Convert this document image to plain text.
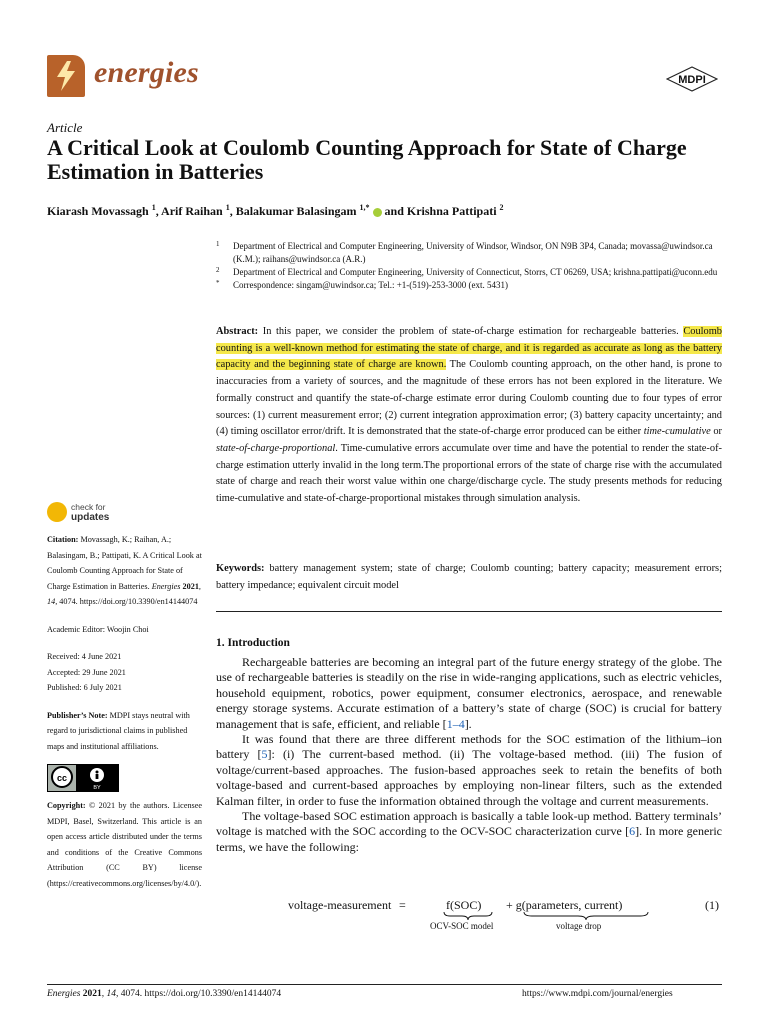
energies	MDPI
Article
A Critical Look at Coulomb Counting Approach for State of Charge Estimation in Batteries
Kiarash Movassagh $^1$, Arif Raihan $^1$, Balakumar Balasingam $^{1,*}$  and Krishna Pattipati $^2$
1 Department of Electrical and Computer Engineering, University of Windsor, Windsor, ON N9B 3P4, Canada; movassa@uwindsor.ca (K.M.); raihans@uwindsor.ca (A.R.)
2 Department of Electrical and Computer Engineering, University of Connecticut, Storrs, CT 06269, USA; krishna.pattipati@uconn.edu
* Correspondence: singam@uwindsor.ca; Tel.: +1-(519)-253-3000 (ext. 5431)
Abstract: In this paper, we consider the problem of state-of-charge estimation for rechargeable batteries. Coulomb counting is a well-known method for estimating the state of charge, and it is regarded as accurate as long as the battery capacity and the beginning state of charge are known. The Coulomb counting approach, on the other hand, is prone to inaccuracies from a variety of sources, and the magnitude of these errors has not been explored in the literature. We formally construct and quantify the state-of-charge estimate error during Coulomb counting due to four types of error sources: (1) current measurement error; (2) current integration approximation error; (3) battery capacity uncertainty; and (4) timing oscillator error/drift. It is demonstrated that the state-of-charge error produced can be either time-cumulative or state-of-charge-proportional. Time-cumulative errors accumulate over time and have the potential to render the state-of-charge estimation utterly invalid in the long term.The proportional errors of the state of charge rise with the accumulated state of charge and reach their worst value within one charge/discharge cycle. The study presents methods for reducing time-cumulative and state-of-charge-proportional mistakes through simulation analysis.
Keywords: battery management system; state of charge; Coulomb counting; battery capacity; measurement errors; battery impedance; equivalent circuit model
1. Introduction

Rechargeable batteries are becoming an integral part of the future energy strategy of the globe. The use of rechargeable batteries is steadily on the rise in wide-ranging applications, such as electric vehicles, household equipment, robotics, power equipment, consumer electronics, aerospace, and renewable energy storage systems. Accurate estimation of a battery’s state of charge (SOC) is crucial for battery management that is safe, efficient, and reliable [1–4].

It was found that there are three different methods for the SOC estimation of the lithium–ion battery [5]: (i) The current-based method. (ii) The voltage-based method. (iii) The fusion of voltage/current-based approaches. The fusion-based approaches seek to retain the benefits of both voltage-based and current-based approaches by employing non-linear filters, such as the extended Kalman filter, in order to fuse the information obtained through the voltage and current measurements.

The voltage-based SOC estimation approach is basically a table look-up method. Battery terminals’ voltage is matched with the SOC according to the OCV-SOC characterization curve [6]. In more generic terms, we have the following:

voltage-measurement =	f(SOC) + g(parameters, current)	(1)
OCV-SOC model	voltage drop
check for
updates

Citation: Movassagh, K.; Raihan, A.; Balasingam, B.; Pattipati, K. A Critical Look at Coulomb Counting Approach for State of Charge Estimation in Batteries. Energies 2021, 14, 4074. https://doi.org/10.3390/en14144074

Academic Editor: Woojin Choi

Received: 4 June 2021
Accepted: 29 June 2021
Published: 6 July 2021

Publisher’s Note: MDPI stays neutral with regard to jurisdictional claims in published maps and institutional affiliations.

cc
BY

Copyright: © 2021 by the authors. Licensee MDPI, Basel, Switzerland. This article is an open access article distributed under the terms and conditions of the Creative Commons Attribution (CC BY) license (https://creativecommons.org/licenses/by/4.0/).

Energies 2021, 14, 4074. https://doi.org/10.3390/en14144074	https://www.mdpi.com/journal/energies
